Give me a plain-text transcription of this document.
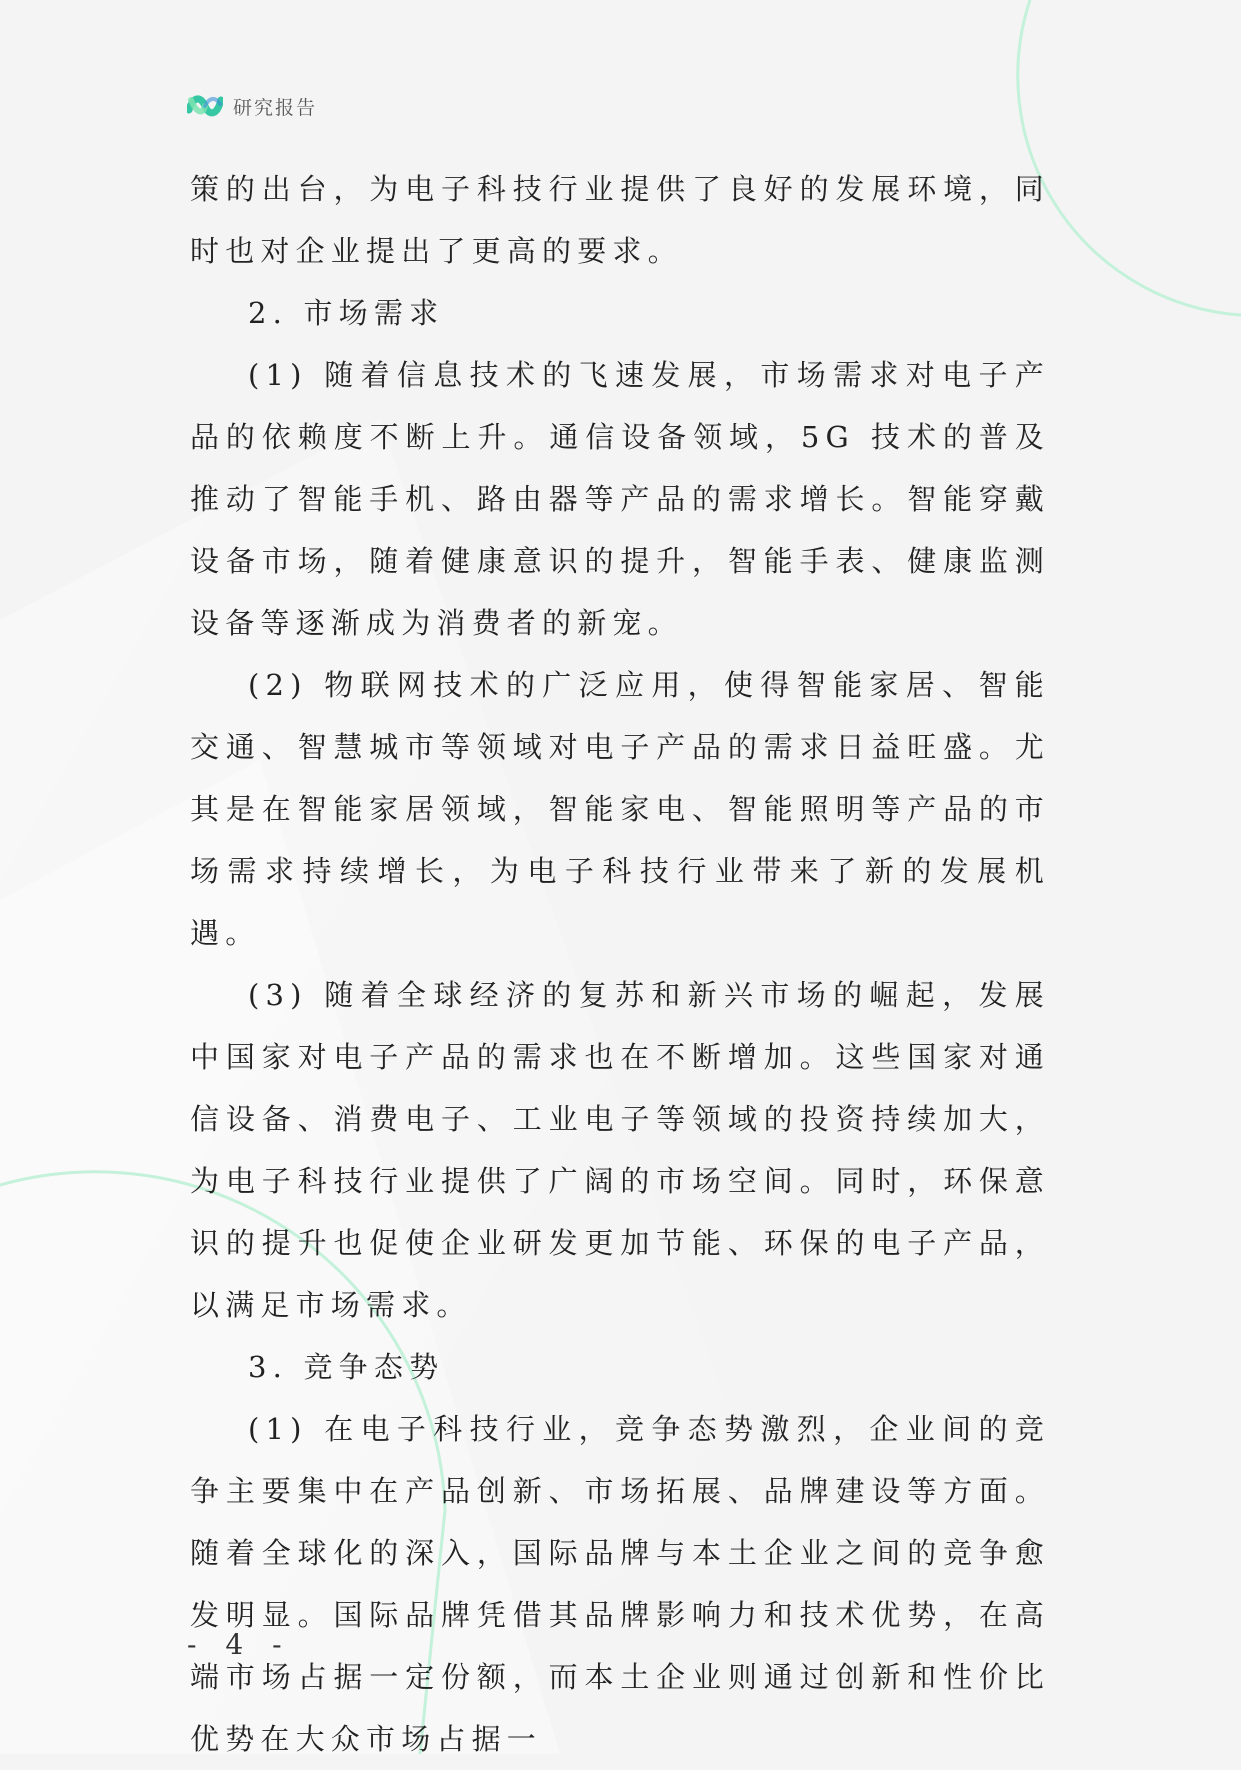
研究报告

策的出台，为电子科技行业提供了良好的发展环境，同时也对企业提出了更高的要求。

2. 市场需求

(1) 随着信息技术的飞速发展，市场需求对电子产品的依赖度不断上升。通信设备领域，5G 技术的普及推动了智能手机、路由器等产品的需求增长。智能穿戴设备市场，随着健康意识的提升，智能手表、健康监测设备等逐渐成为消费者的新宠。

(2) 物联网技术的广泛应用，使得智能家居、智能交通、智慧城市等领域对电子产品的需求日益旺盛。尤其是在智能家居领域，智能家电、智能照明等产品的市场需求持续增长，为电子科技行业带来了新的发展机遇。

(3) 随着全球经济的复苏和新兴市场的崛起，发展中国家对电子产品的需求也在不断增加。这些国家对通信设备、消费电子、工业电子等领域的投资持续加大，为电子科技行业提供了广阔的市场空间。同时，环保意识的提升也促使企业研发更加节能、环保的电子产品，以满足市场需求。

3. 竞争态势

(1) 在电子科技行业，竞争态势激烈，企业间的竞争主要集中在产品创新、市场拓展、品牌建设等方面。随着全球化的深入，国际品牌与本土企业之间的竞争愈发明显。国际品牌凭借其品牌影响力和技术优势，在高端市场占据一定份额，而本土企业则通过创新和性价比优势在大众市场占据一

- 4 -
